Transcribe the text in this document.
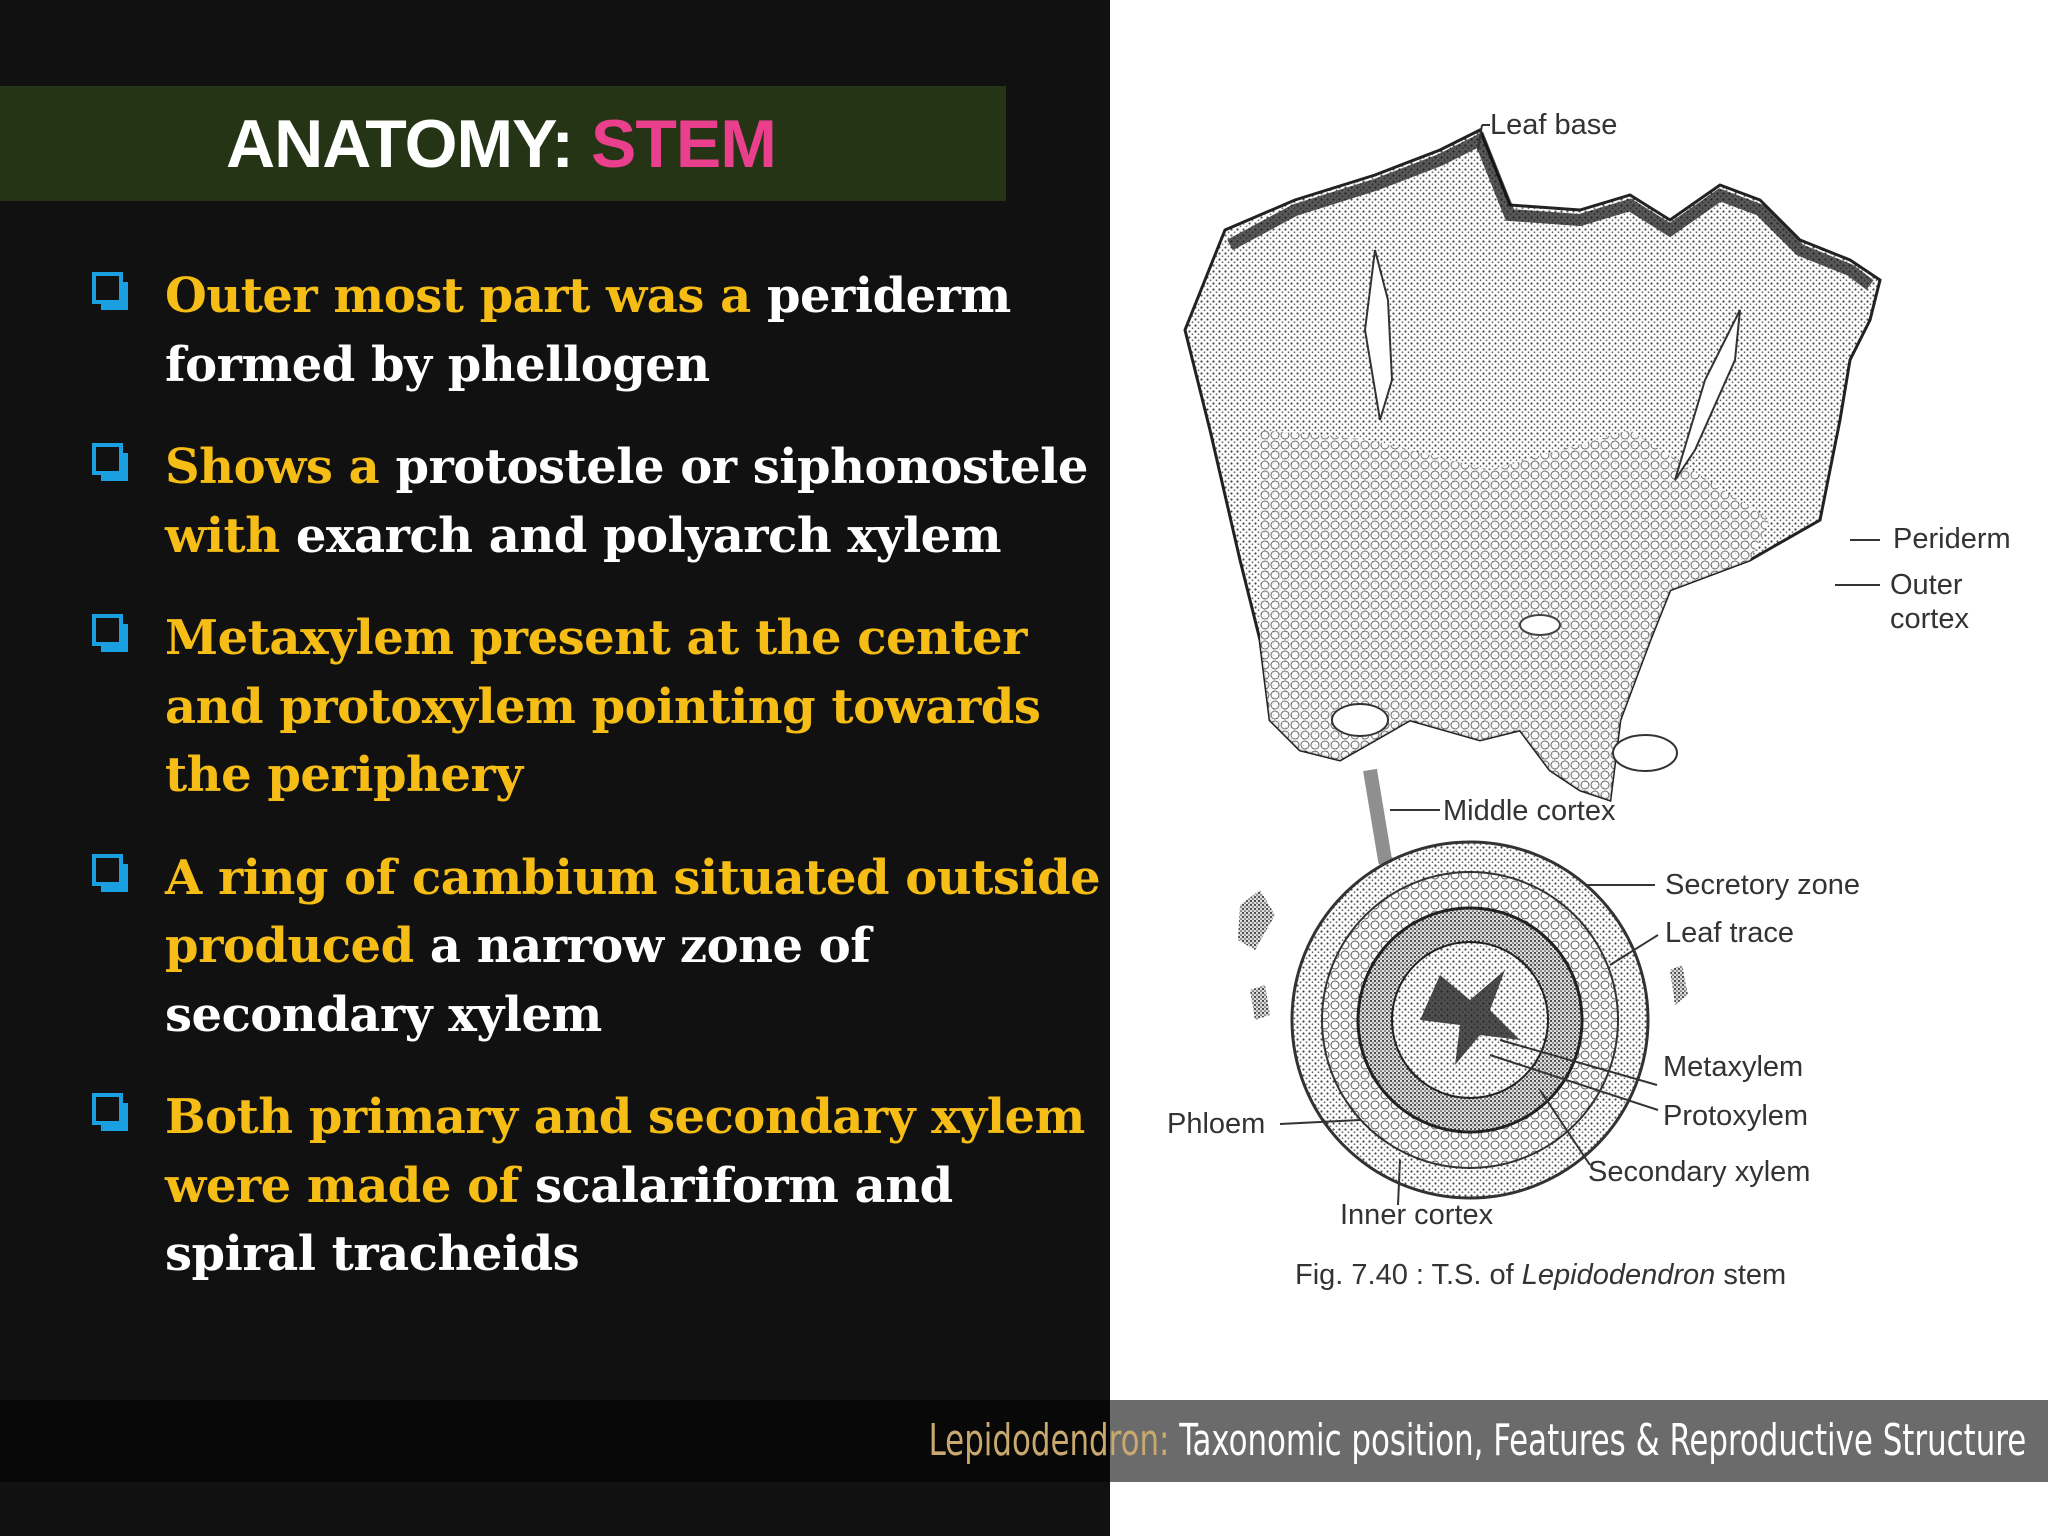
ANATOMY: STEM
Outer most part was a periderm formed by phellogen
Shows a protostele or siphonostele with exarch and polyarch xylem
Metaxylem present at the center and protoxylem pointing towards the periphery
A ring of cambium situated outside produced a narrow zone of secondary xylem
Both primary and secondary xylem were made of scalariform and spiral tracheids
Leaf base
Periderm
Outer
cortex
Middle cortex
Secretory zone
Leaf trace
Metaxylem
Protoxylem
Secondary xylem
Phloem
Inner cortex
Fig. 7.40 : T.S. of Lepidodendron stem
Lepidodendron: Taxonomic position, Features & Reproductive Structure
